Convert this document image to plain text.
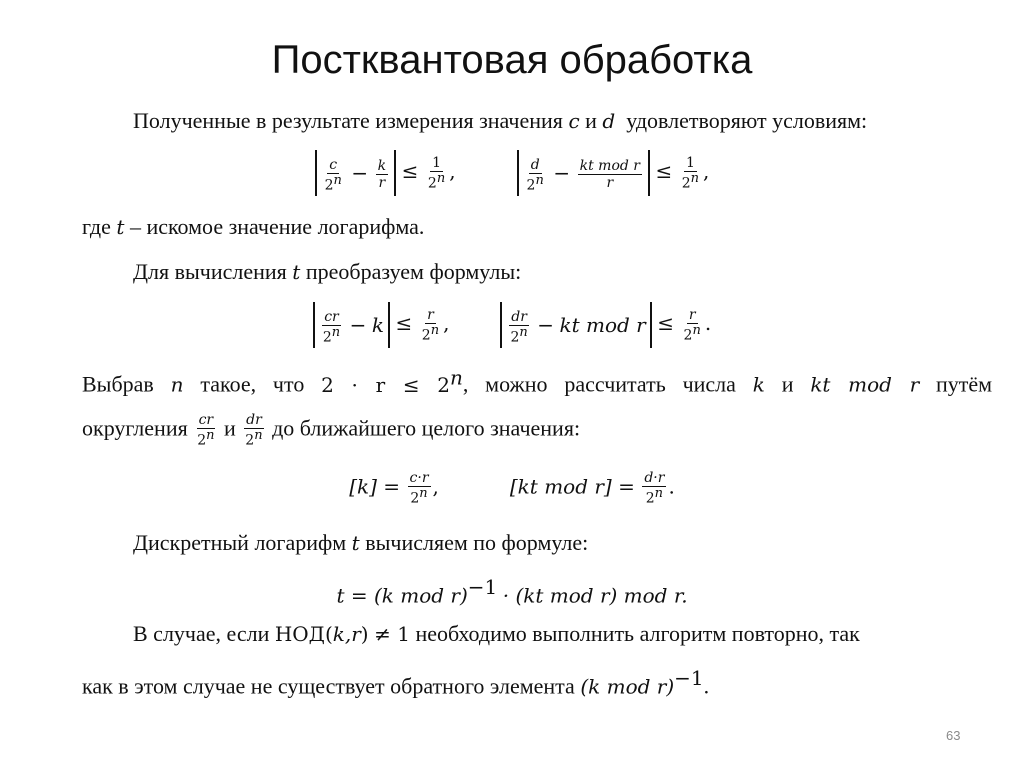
Постквантовая обработка
Полученные в результате измерения значения c и d удовлетворяют условиям:
$\frac{c}{2^n} - \frac{k}{r} \le \frac{1}{2^n}$ ,	$\frac{d}{2^n} - \frac{\text{kt mod r}}{r} \le \frac{1}{2^n}$ ,
где t – искомое значение логарифма.
Для вычисления t преобразуем формулы:
$\frac{cr}{2^n} - k \le \frac{r}{2^n}$ ,	$\frac{dr}{2^n}$ − kt mod $r \le \frac{r}{2^n}$ .
Выбрав n такое, что $2 \cdot r \le 2^n$, можно рассчитать числа k и kt mod r путём
округления $\frac{cr}{2^n}$ и $\frac{dr}{2^n}$ до ближайшего целого значения:
$[k] = \frac{c\cdot r}{2^n}$ ,	[kt mod $r] = \frac{d\cdot r}{2^n}$ .
Дискретный логарифм t вычисляем по формуле:
t = (k mod r)$^{-1}$ · (kt mod r) mod r.
В случае, если НОД(k,r) ≠ 1 необходимо выполнить алгоритм повторно, так
как в этом случае не существует обратного элемента (k mod r)$^{-1}$.
63
